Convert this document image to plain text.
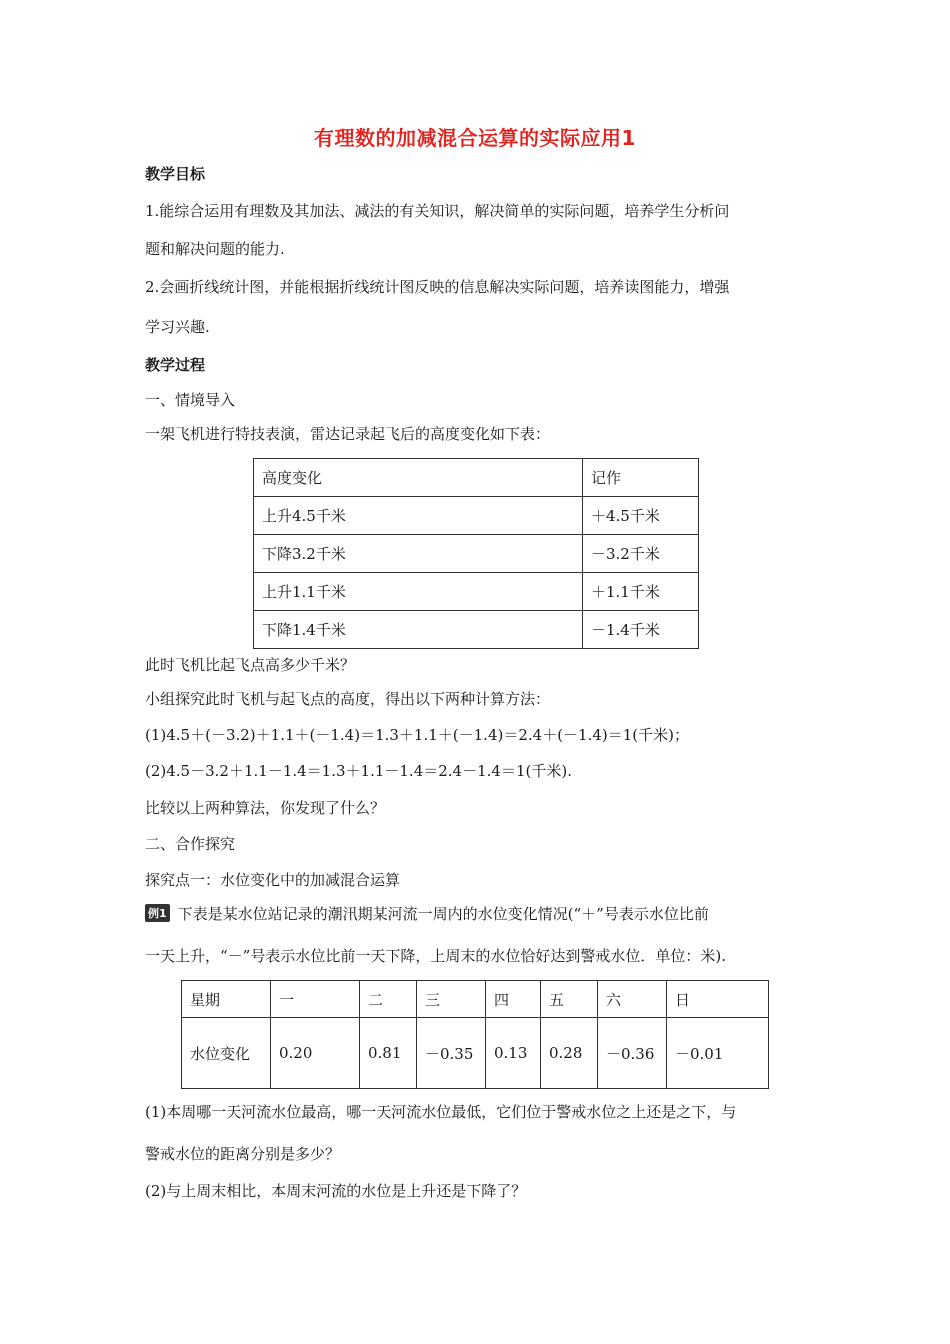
有理数的加减混合运算的实际应用1
教学目标
1.能综合运用有理数及其加法、减法的有关知识，解决简单的实际问题，培养学生分析问
题和解决问题的能力.
2.会画折线统计图，并能根据折线统计图反映的信息解决实际问题，培养读图能力，增强
学习兴趣.
教学过程
一、情境导入
一架飞机进行特技表演，雷达记录起飞后的高度变化如下表：
高度变化	记作
上升4.5千米	＋4.5千米
下降3.2千米	－3.2千米
上升1.1千米	＋1.1千米
下降1.4千米	－1.4千米
此时飞机比起飞点高多少千米？
小组探究此时飞机与起飞点的高度，得出以下两种计算方法：
(1)4.5＋(－3.2)＋1.1＋(－1.4)＝1.3＋1.1＋(－1.4)＝2.4＋(－1.4)＝1(千米)；
(2)4.5－3.2＋1.1－1.4＝1.3＋1.1－1.4＝2.4－1.4＝1(千米).
比较以上两种算法，你发现了什么？
二、合作探究
探究点一：水位变化中的加减混合运算
例1 下表是某水位站记录的潮汛期某河流一周内的水位变化情况(“＋”号表示水位比前
一天上升，“－”号表示水位比前一天下降，上周末的水位恰好达到警戒水位．单位：米).
星期	一	二	三	四	五	六	日
水位变化	0.20	0.81	－0.35	0.13	0.28	－0.36	－0.01
(1)本周哪一天河流水位最高，哪一天河流水位最低，它们位于警戒水位之上还是之下，与
警戒水位的距离分别是多少？
(2)与上周末相比，本周末河流的水位是上升还是下降了？
